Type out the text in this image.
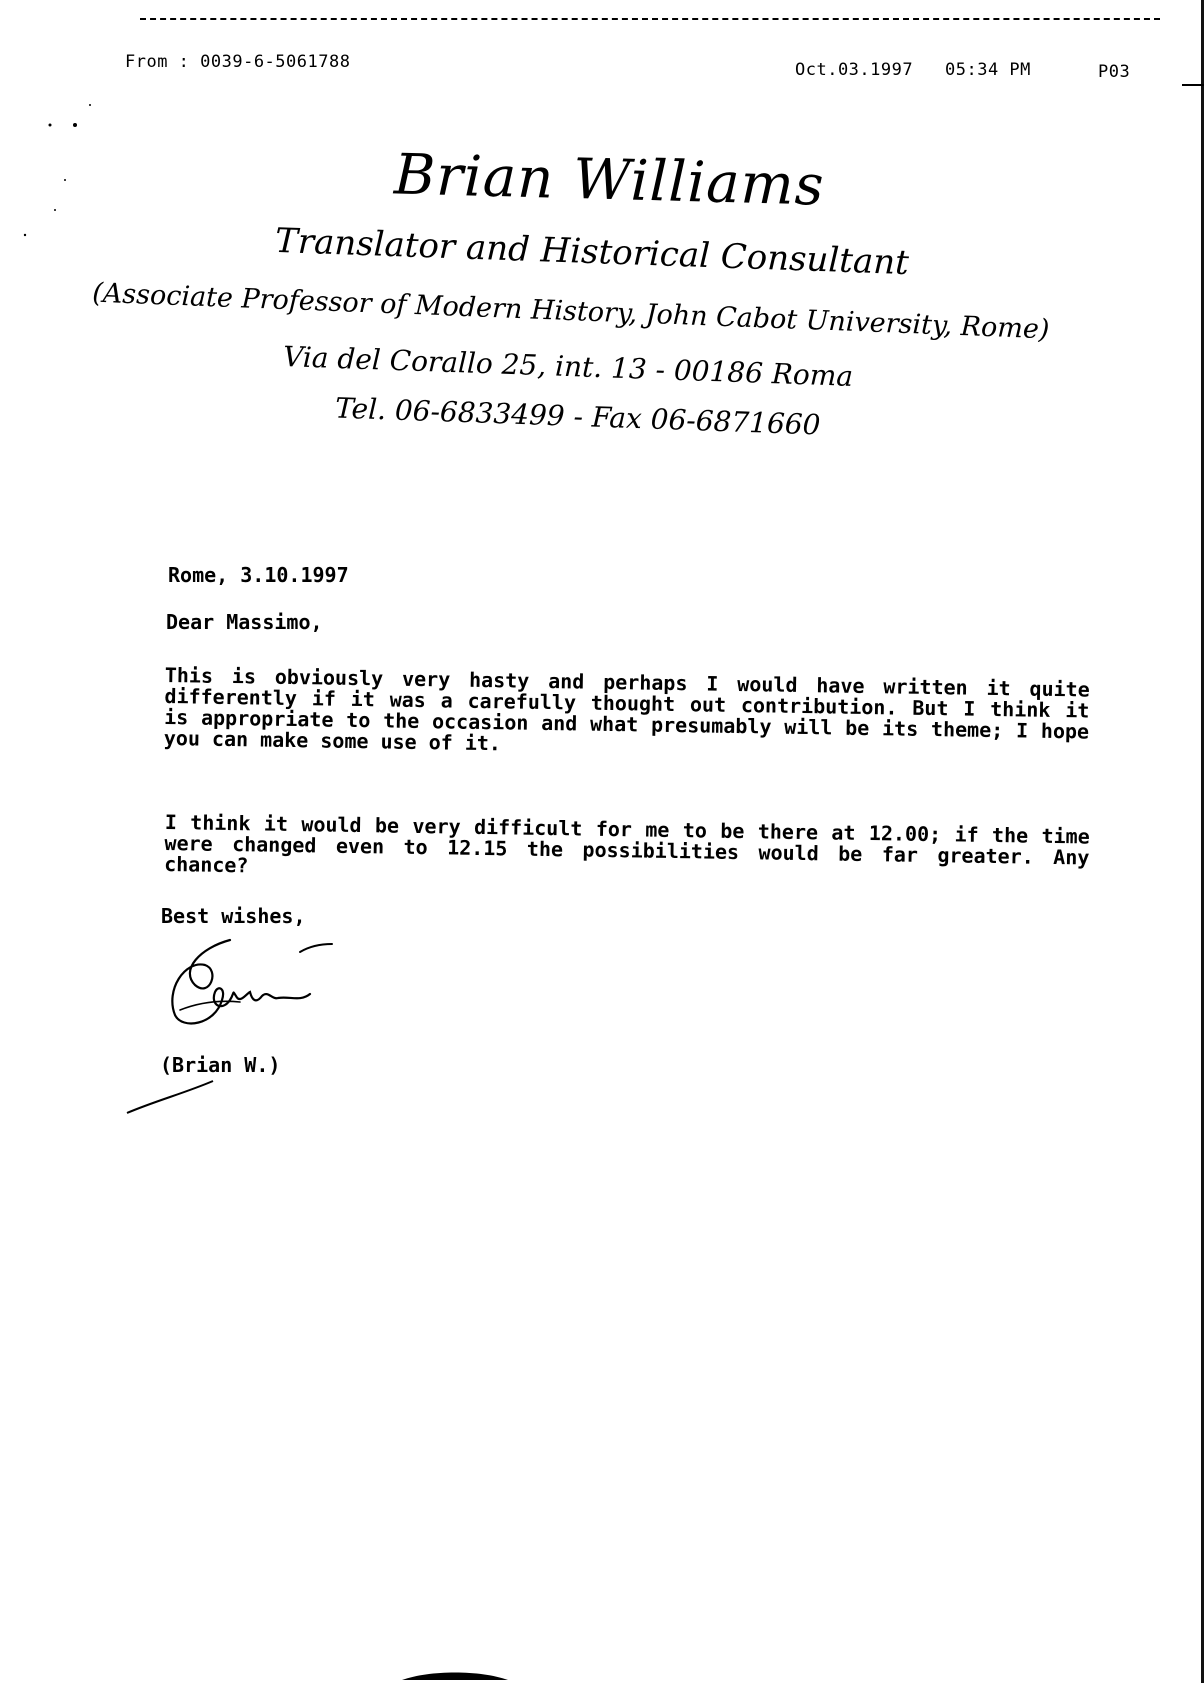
From : 0039-6-5061788	Oct.03.1997 05:34 PM	P03
Brian Williams
Translator and Historical Consultant
(Associate Professor of Modern History, John Cabot University, Rome)
Via del Corallo 25, int. 13 - 00186 Roma
Tel. 06-6833499 - Fax 06-6871660
Rome, 3.10.1997
Dear Massimo,
This is obviously very hasty and perhaps I would have written it quite differently if it was a carefully thought out contribution. But I think it is appropriate to the occasion and what presumably will be its theme; I hope you can make some use of it.
I think it would be very difficult for me to be there at 12.00; if the time were changed even to 12.15 the possibilities would be far greater. Any chance?
Best wishes,
(Brian W.)
